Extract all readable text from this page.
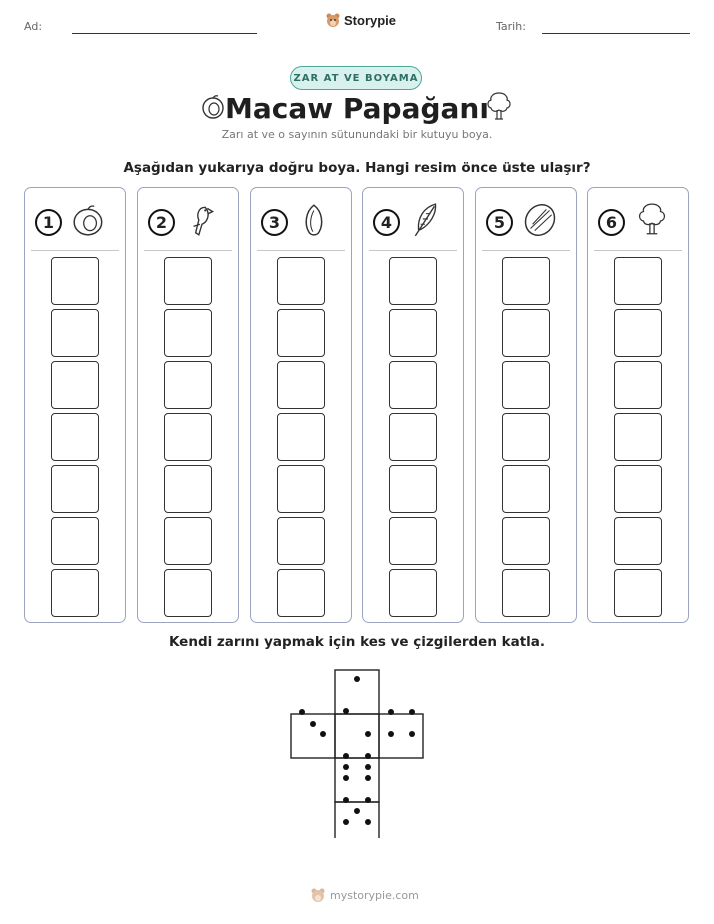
Ad:	Storypie	Tarih:
ZAR AT VE BOYAMA
Macaw Papağanı
Zarı at ve o sayının sütunundaki bir kutuyu boya.
Aşağıdan yukarıya doğru boya. Hangi resim önce üste ulaşır?
1	2	3	4	5	6
Kendi zarını yapmak için kes ve çizgilerden katla.
mystorypie.com
